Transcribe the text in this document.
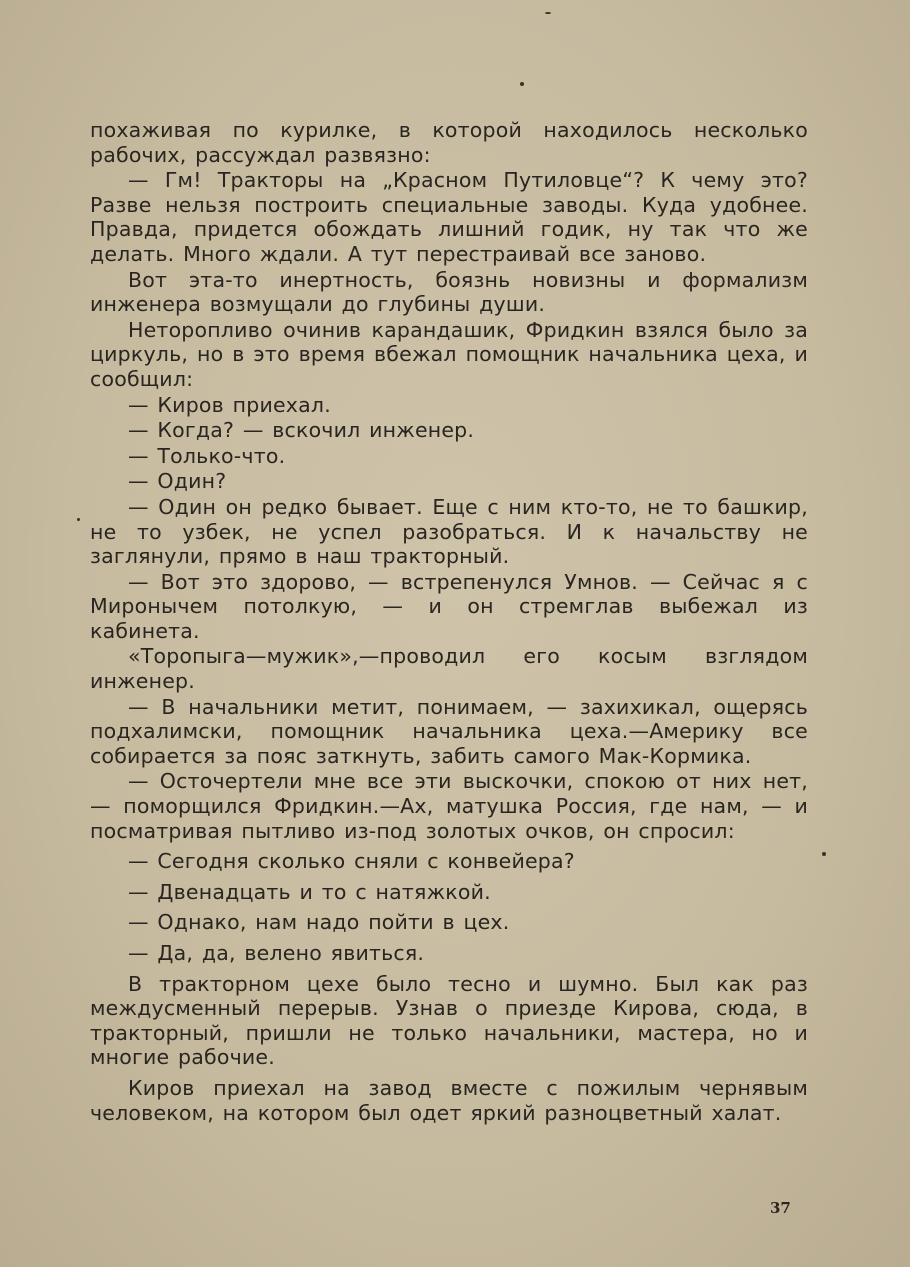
похаживая по курилке, в которой находилось несколько рабочих, рассуждал развязно:

— Гм! Тракторы на „Красном Путиловце“? К чему это? Разве нельзя построить специальные заводы. Куда удобнее. Правда, придется обождать лишний годик, ну так что же делать. Много ждали. А тут перестраивай все заново.

Вот эта-то инертность, боязнь новизны и формализм инженера возмущали до глубины души.

Неторопливо очинив карандашик, Фридкин взялся было за циркуль, но в это время вбежал помощник начальника цеха, и сообщил:

— Киров приехал.

— Когда? — вскочил инженер.

— Только-что.

— Один?

— Один он редко бывает. Еще с ним кто-то, не то башкир, не то узбек, не успел разобраться. И к начальству не заглянули, прямо в наш тракторный.

— Вот это здорово, — встрепенулся Умнов. — Сейчас я с Миронычем потолкую, — и он стремглав выбежал из кабинета.

«Торопыга—мужик»,—проводил его косым взглядом инженер.

— В начальники метит, понимаем, — захихикал, ощерясь подхалимски, помощник начальника цеха.—Америку все собирается за пояс заткнуть, забить самого Мак-Кормика.

— Осточертели мне все эти выскочки, спокою от них нет, — поморщился Фридкин.—Ах, матушка Россия, где нам, — и посматривая пытливо из-под золотых очков, он спросил:

— Сегодня сколько сняли с конвейера?

— Двенадцать и то с натяжкой.

— Однако, нам надо пойти в цех.

— Да, да, велено явиться.

В тракторном цехе было тесно и шумно. Был как раз междусменный перерыв. Узнав о приезде Кирова, сюда, в тракторный, пришли не только начальники, мастера, но и многие рабочие.

Киров приехал на завод вместе с пожилым чернявым человеком, на котором был одет яркий разноцветный халат.

37
